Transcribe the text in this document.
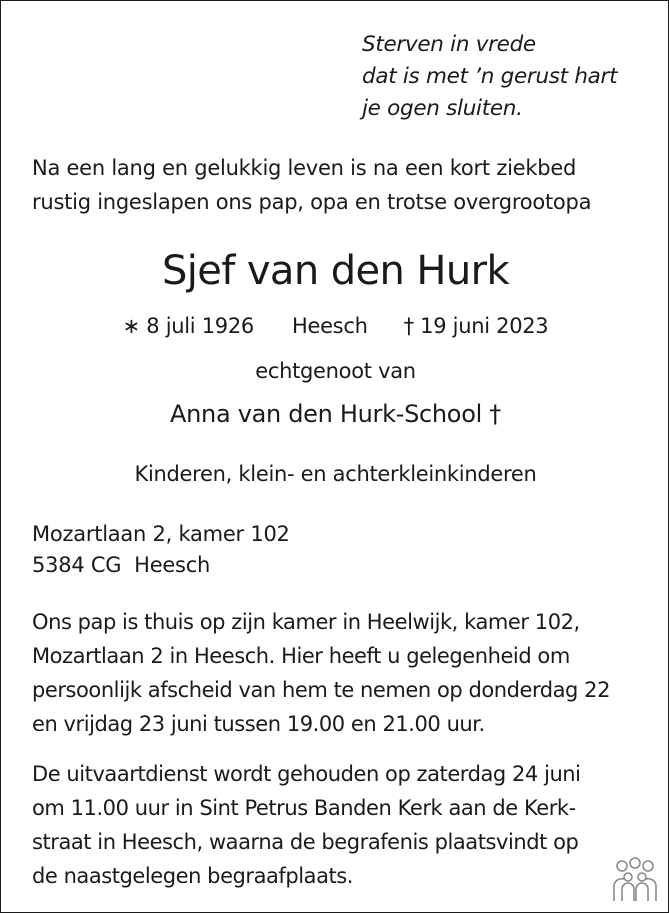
Sterven in vrede
dat is met ’n gerust hart
je ogen sluiten.
Na een lang en gelukkig leven is na een kort ziekbed
rustig ingeslapen ons pap, opa en trotse overgrootopa
Sjef van den Hurk
∗ 8 juli 1926 Heesch † 19 juni 2023
echtgenoot van
Anna van den Hurk-School †
Kinderen, klein- en achterkleinkinderen
Mozartlaan 2, kamer 102
5384 CG  Heesch
Ons pap is thuis op zijn kamer in Heelwijk, kamer 102,
Mozartlaan 2 in Heesch. Hier heeft u gelegenheid om
persoonlijk afscheid van hem te nemen op donderdag 22
en vrijdag 23 juni tussen 19.00 en 21.00 uur.
De uitvaartdienst wordt gehouden op zaterdag 24 juni
om 11.00 uur in Sint Petrus Banden Kerk aan de Kerk-
straat in Heesch, waarna de begrafenis plaatsvindt op
de naastgelegen begraafplaats.
